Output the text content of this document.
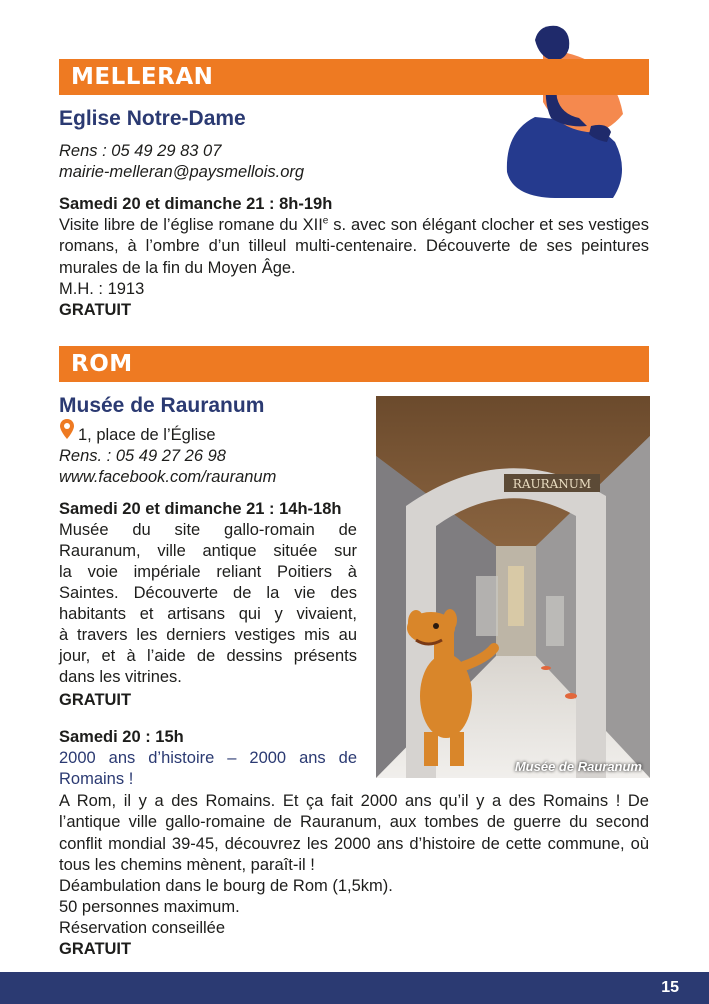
MELLERAN
Eglise Notre-Dame
Rens : 05 49 29 83 07
mairie-melleran@paysmellois.org
Samedi 20 et dimanche 21 : 8h-19h
Visite libre de l’église romane du XIIe s. avec son élégant clocher et ses vestiges romans, à l’ombre d’un tilleul multi-centenaire. Découverte de ses peintures murales de la fin du Moyen Âge.
M.H. : 1913
GRATUIT
ROM
Musée de Rauranum
1, place de l’Église
Rens. : 05 49 27 26 98
www.facebook.com/rauranum
Samedi 20 et dimanche 21 : 14h-18h
Musée du site gallo-romain de
Rauranum, ville antique située sur
la voie impériale reliant Poitiers à
Saintes. Découverte de la vie des
habitants et artisans qui y vivaient,
à travers les derniers vestiges mis au
jour, et à l’aide de dessins présents
dans les vitrines.
GRATUIT
RAURANUM
Musée de Rauranum
Samedi 20 : 15h
2000 ans d’histoire – 2000 ans de
Romains !
A Rom, il y a des Romains. Et ça fait 2000 ans qu’il y a des Romains ! De l’antique ville gallo-romaine de Rauranum, aux tombes de guerre du second conflit mondial 39-45, découvrez les 2000 ans d’histoire de cette commune, où tous les chemins mènent, paraît-il !
Déambulation dans le bourg de Rom (1,5km).
50 personnes maximum.
Réservation conseillée
GRATUIT
15
